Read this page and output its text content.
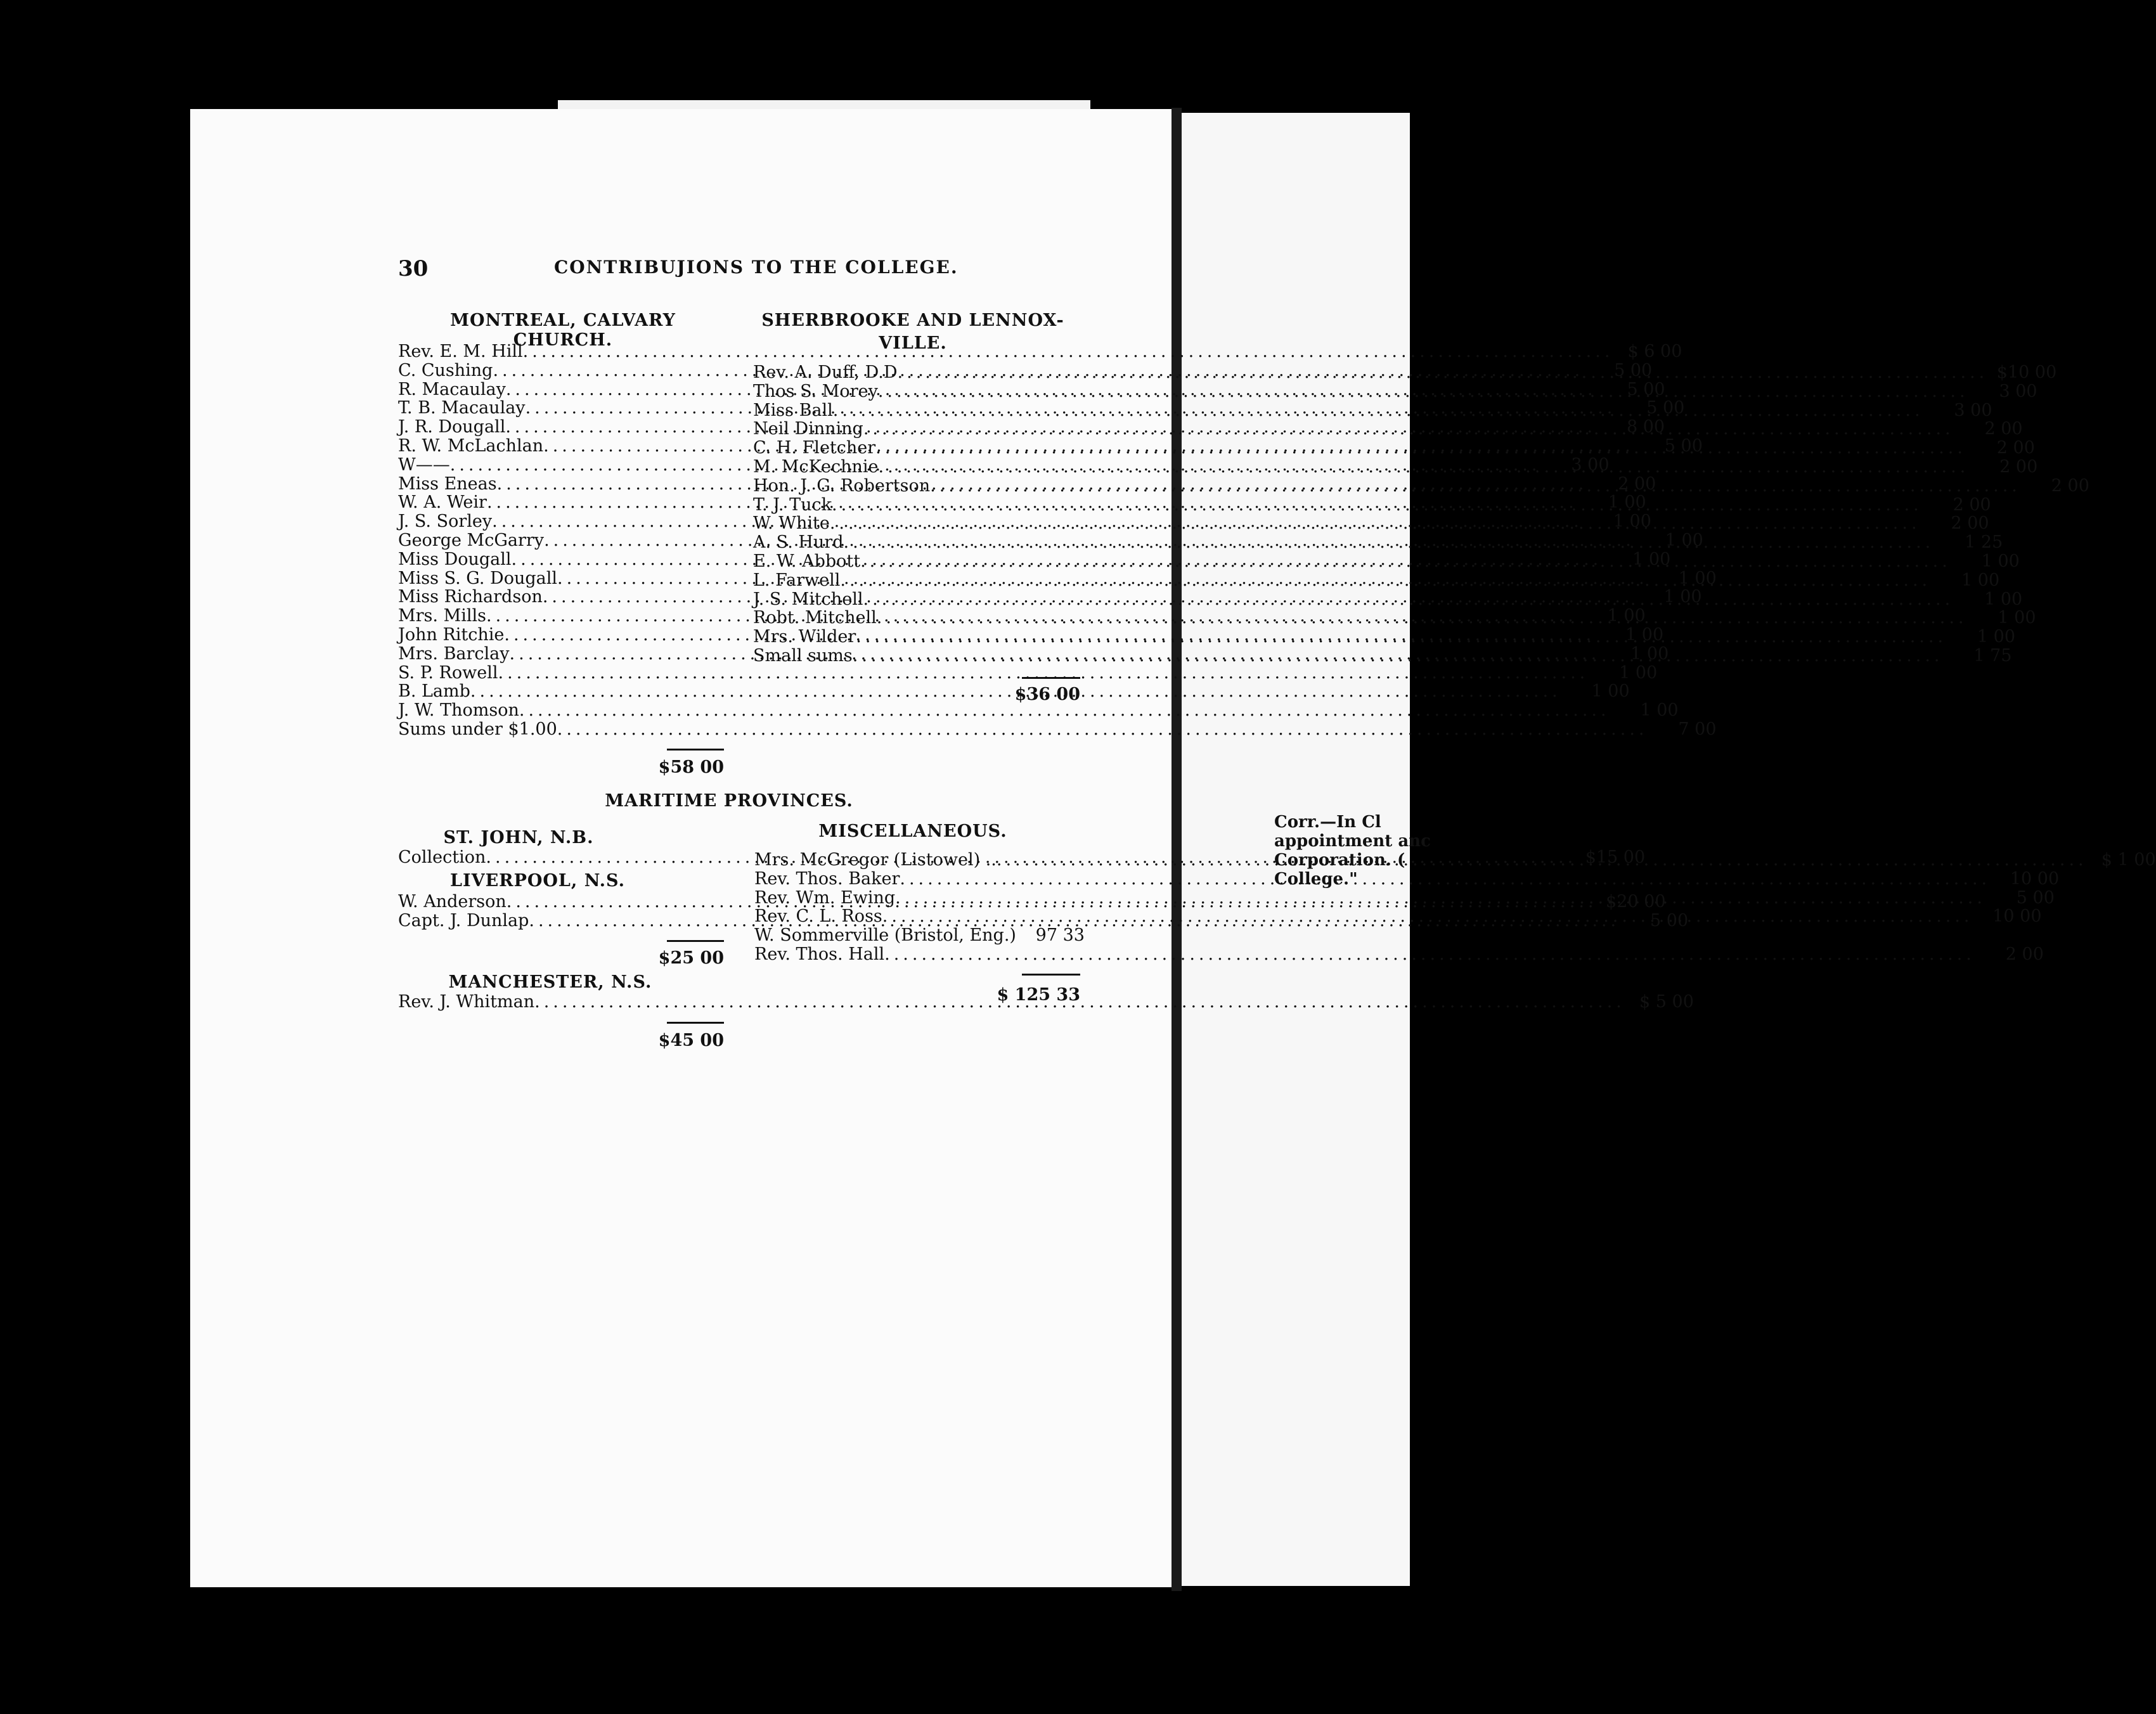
30	CONTRIBUJIONS TO THE COLLEGE.
MONTREAL, CALVARY CHURCH.
Rev. E. M. Hill .....	$ 6 00
C. Cushing .....	5 00
R. Macaulay .....	5 00
T. B. Macaulay .....	5 00
J. R. Dougall .....	8 00
R. W. McLachlan .....	5 00
W—— .....	3 00
Miss Eneas .....	2 00
W. A. Weir .....	1 00
J. S. Sorley .....	1 00
George McGarry .....	1 00
Miss Dougall .....	1 00
Miss S. G. Dougall .....	1 00
Miss Richardson .....	1 00
Mrs. Mills .....	1 00
John Ritchie .....	1 00
Mrs. Barclay .....	1 00
S. P. Rowell .....	1 00
B. Lamb .....	1 00
J. W. Thomson .....	1 00
Sums under $1.00 .....	7 00
$58 00
SHERBROOKE AND LENNOX-
VILLE.
Rev. A. Duff, D.D .....	$10 00
Thos S. Morey .....	3 00
Miss Ball .....	3 00
Neil Dinning .....	2 00
C. H. Fletcher .....	2 00
M. McKechnie .....	2 00
Hon. J. G. Robertson .....	2 00
T. J. Tuck .....	2 00
W. White .....	2 00
A. S. Hurd .....	1 25
E. W. Abbott .....	1 00
L. Farwell .....	1 00
J. S. Mitchell .....	1 00
Robt. Mitchell .....	1 00
Mrs. Wilder .....	1 00
Small sums .....	1 75
$36 00
MARITIME PROVINCES.
ST. JOHN, N.B.
Collection .....	$15 00
LIVERPOOL, N.S.
W. Anderson .....	$20 00
Capt. J. Dunlap .....	5 00
$25 00
MANCHESTER, N.S.
Rev. J. Whitman .....	$ 5 00
$45 00
MISCELLANEOUS.
Mrs. McGregor (Listowel) .. .....	$ 1 00
Rev. Thos. Baker .....	10 00
Rev. Wm. Ewing .....	5 00
Rev. C. L. Ross .....	10 00
W. Sommerville (Bristol, Eng.)	97 33
Rev. Thos. Hall .....	2 00
$ 125 33
Corr.—In Cl
appointment anc
Corporation. (
College."
